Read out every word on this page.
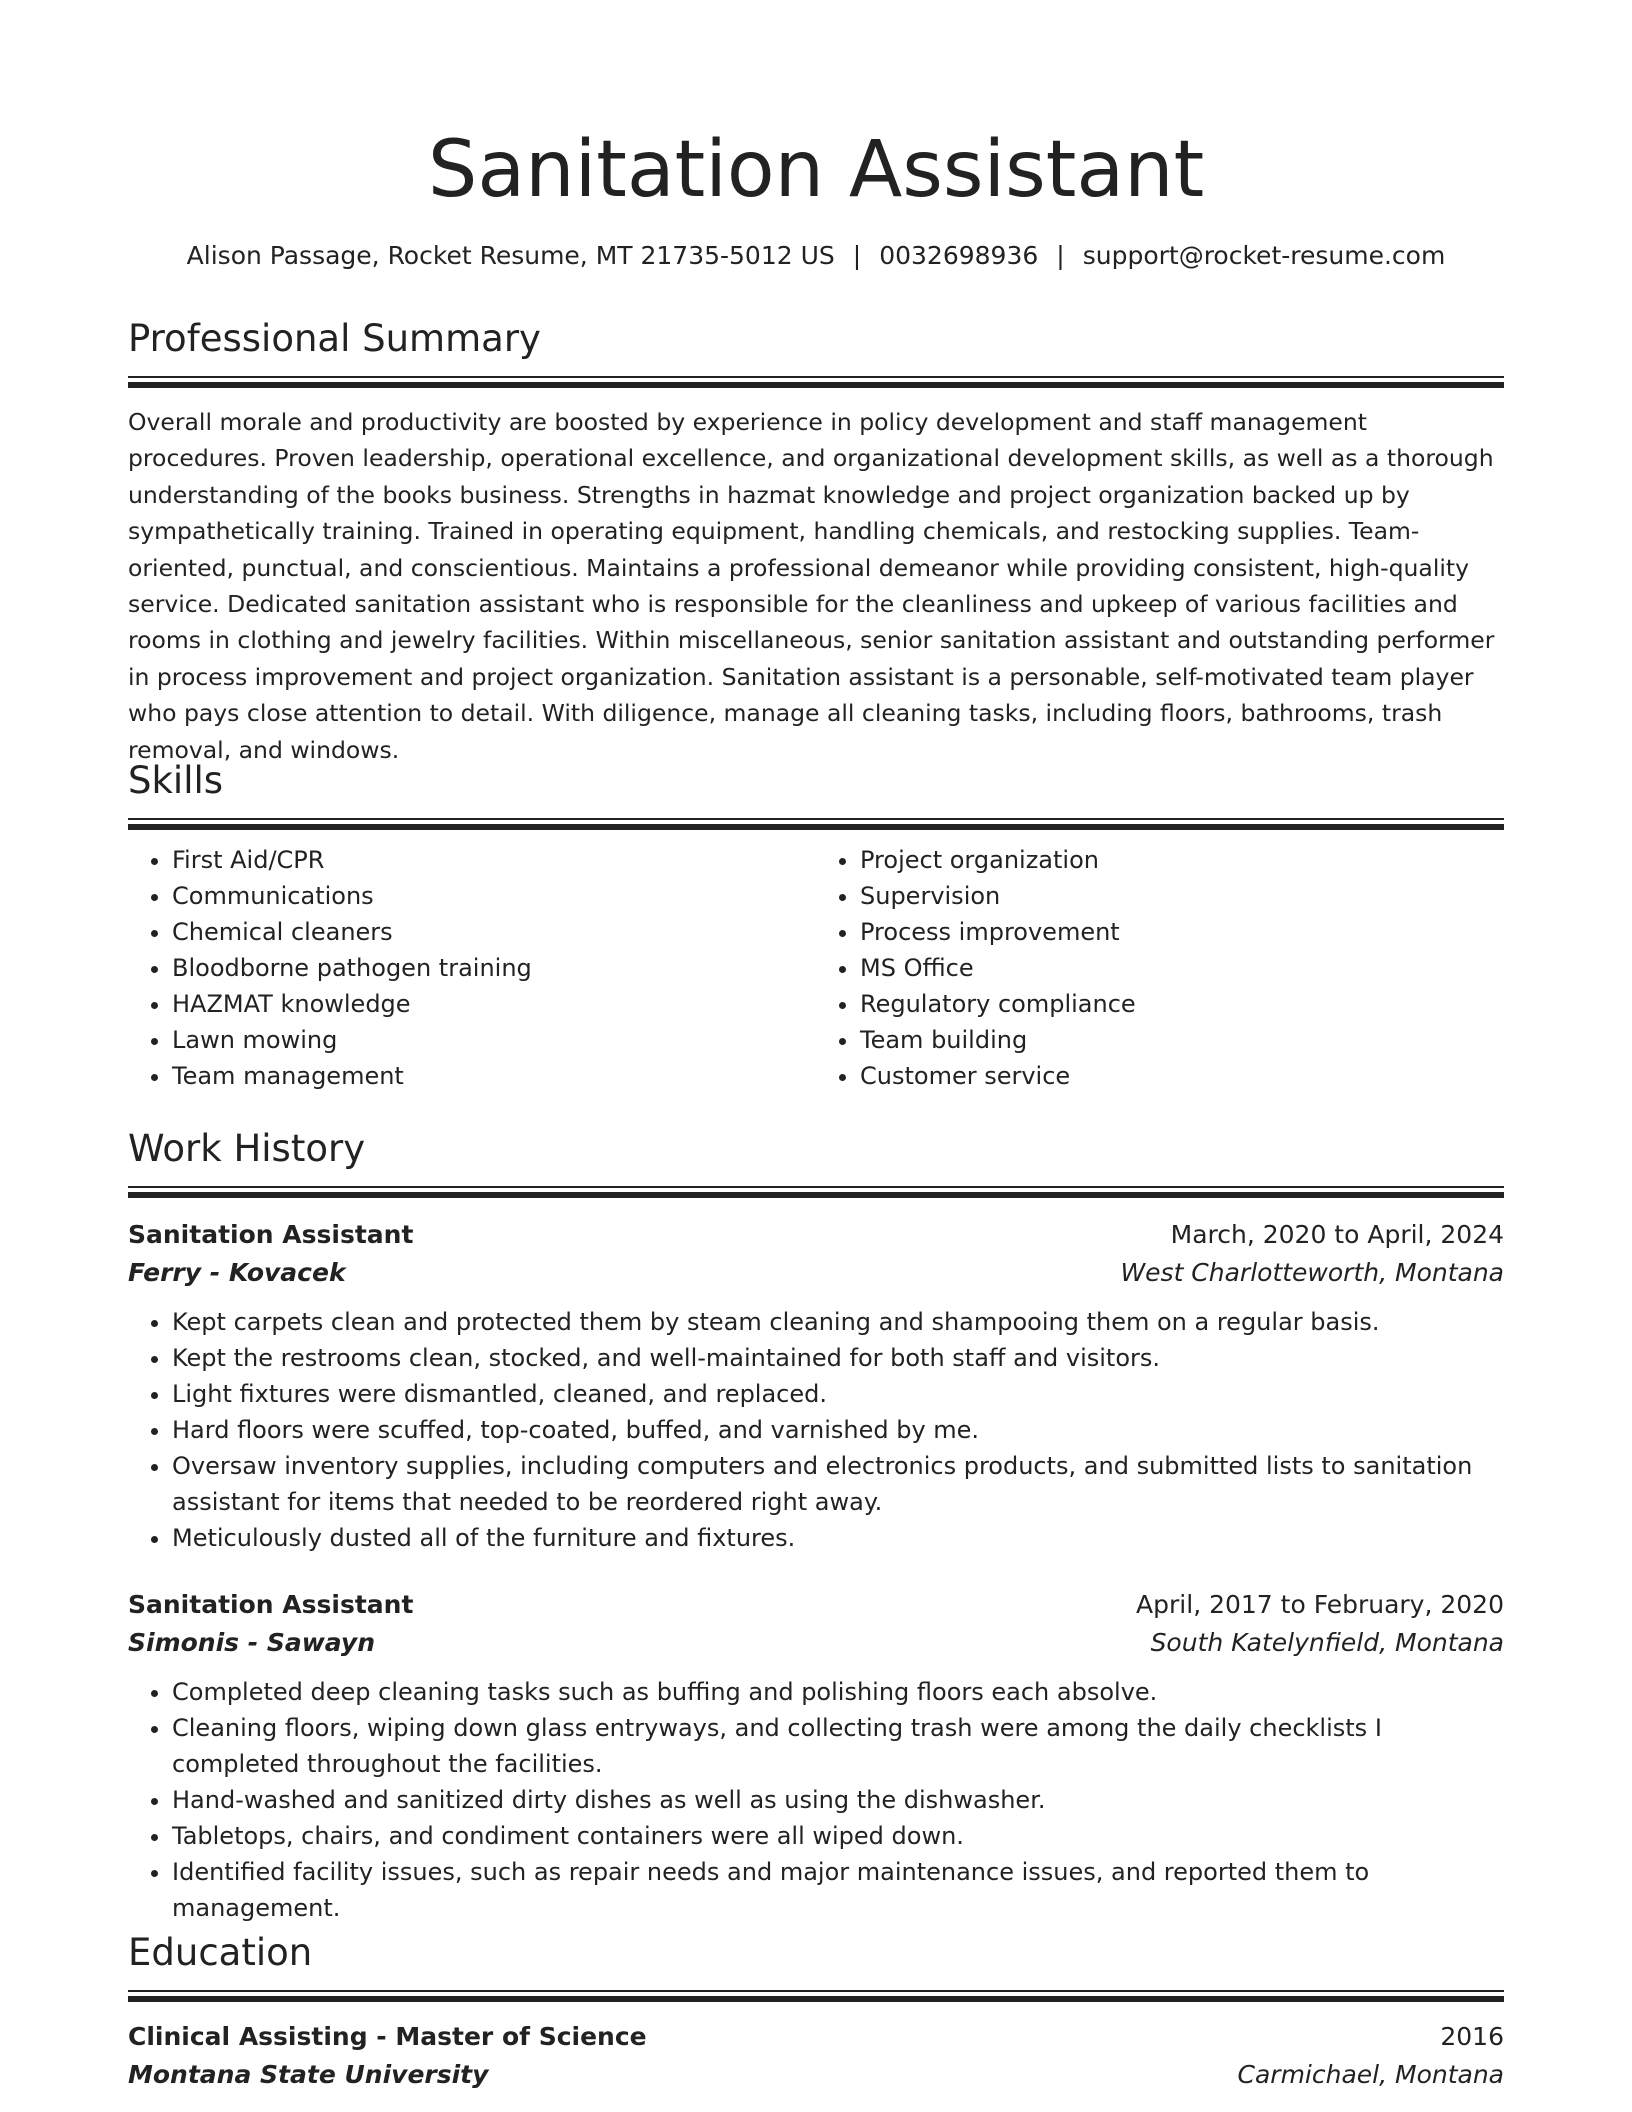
Sanitation Assistant
Alison Passage, Rocket Resume, MT 21735-5012 US | 0032698936 | support@rocket-resume.com
Professional Summary

Overall morale and productivity are boosted by experience in policy development and staff management procedures. Proven leadership, operational excellence, and organizational development skills, as well as a thorough understanding of the books business. Strengths in hazmat knowledge and project organization backed up by sympathetically training. Trained in operating equipment, handling chemicals, and restocking supplies. Team-oriented, punctual, and conscientious. Maintains a professional demeanor while providing consistent, high-quality service. Dedicated sanitation assistant who is responsible for the cleanliness and upkeep of various facilities and rooms in clothing and jewelry facilities. Within miscellaneous, senior sanitation assistant and outstanding performer in process improvement and project organization. Sanitation assistant is a personable, self-motivated team player who pays close attention to detail. With diligence, manage all cleaning tasks, including floors, bathrooms, trash removal, and windows.

Skills
• First Aid/CPR
• Communications
• Chemical cleaners
• Bloodborne pathogen training
• HAZMAT knowledge
• Lawn mowing
• Team management
• Project organization
• Supervision
• Process improvement
• MS Office
• Regulatory compliance
• Team building
• Customer service
Work History
Sanitation Assistant	March, 2020 to April, 2024
Ferry - Kovacek	West Charlotteworth, Montana
• Kept carpets clean and protected them by steam cleaning and shampooing them on a regular basis.
• Kept the restrooms clean, stocked, and well-maintained for both staff and visitors.
• Light fixtures were dismantled, cleaned, and replaced.
• Hard floors were scuffed, top-coated, buffed, and varnished by me.
• Oversaw inventory supplies, including computers and electronics products, and submitted lists to sanitation assistant for items that needed to be reordered right away.
• Meticulously dusted all of the furniture and fixtures.
Sanitation Assistant	April, 2017 to February, 2020
Simonis - Sawayn	South Katelynfield, Montana
• Completed deep cleaning tasks such as buffing and polishing floors each absolve.
• Cleaning floors, wiping down glass entryways, and collecting trash were among the daily checklists I completed throughout the facilities.
• Hand-washed and sanitized dirty dishes as well as using the dishwasher.
• Tabletops, chairs, and condiment containers were all wiped down.
• Identified facility issues, such as repair needs and major maintenance issues, and reported them to management.
Education
Clinical Assisting - Master of Science	2016
Montana State University	Carmichael, Montana
